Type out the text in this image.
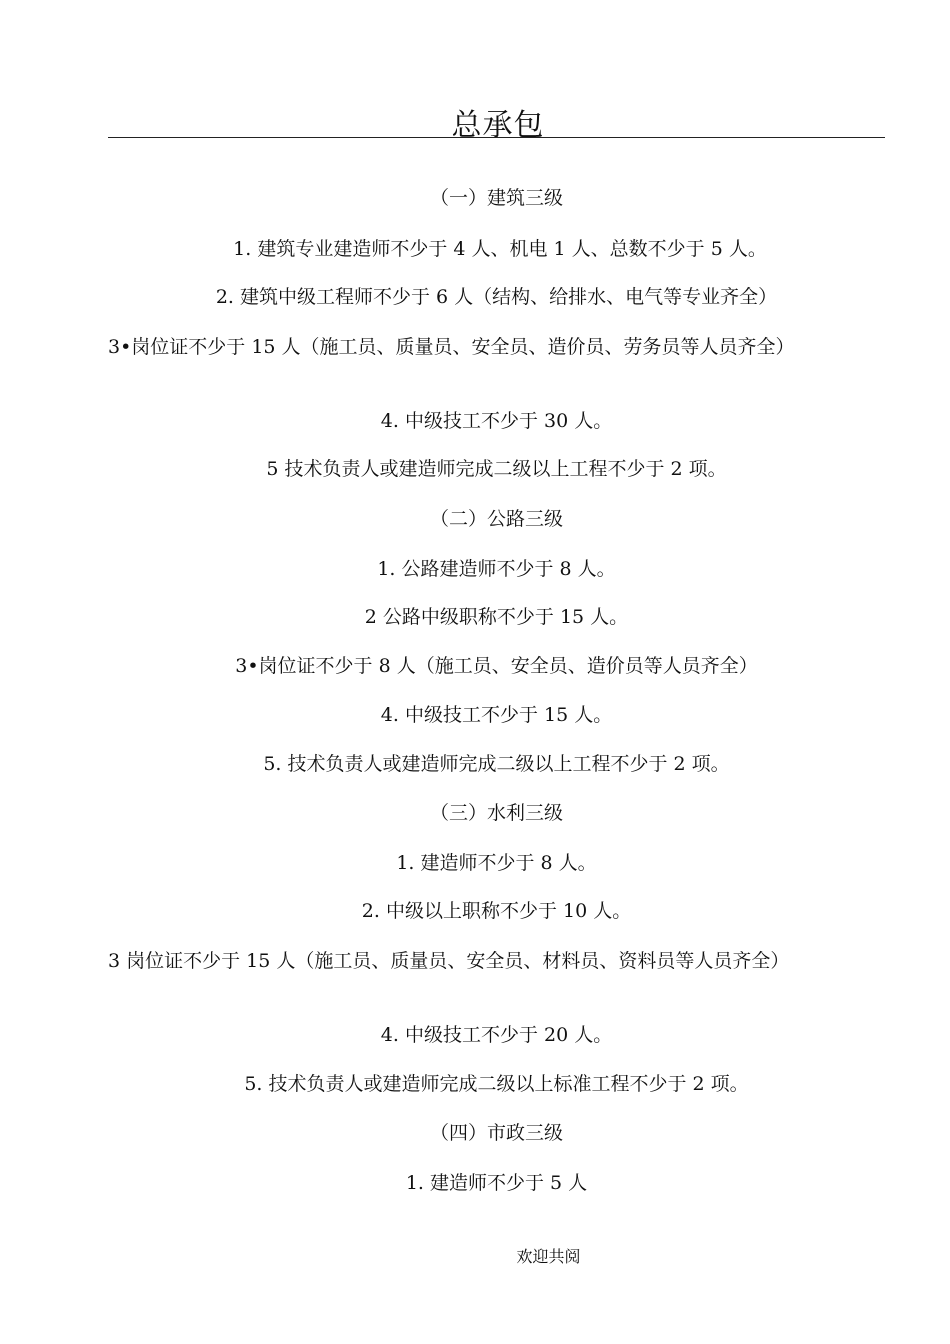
总承包
（一）建筑三级
1. 建筑专业建造师不少于 4 人、机电 1 人、总数不少于 5 人。
2. 建筑中级工程师不少于 6 人（结构、给排水、电气等专业齐全）
3•岗位证不少于 15 人（施工员、质量员、安全员、造价员、劳务员等人员齐全）
4. 中级技工不少于 30 人。
5 技术负责人或建造师完成二级以上工程不少于 2 项。
（二）公路三级
1. 公路建造师不少于 8 人。
2 公路中级职称不少于 15 人。
3•岗位证不少于 8 人（施工员、安全员、造价员等人员齐全）
4. 中级技工不少于 15 人。
5. 技术负责人或建造师完成二级以上工程不少于 2 项。
（三）水利三级
1. 建造师不少于 8 人。
2. 中级以上职称不少于 10 人。
3 岗位证不少于 15 人（施工员、质量员、安全员、材料员、资料员等人员齐全）
4. 中级技工不少于 20 人。
5. 技术负责人或建造师完成二级以上标准工程不少于 2 项。
（四）市政三级
1. 建造师不少于 5 人
欢迎共阅
